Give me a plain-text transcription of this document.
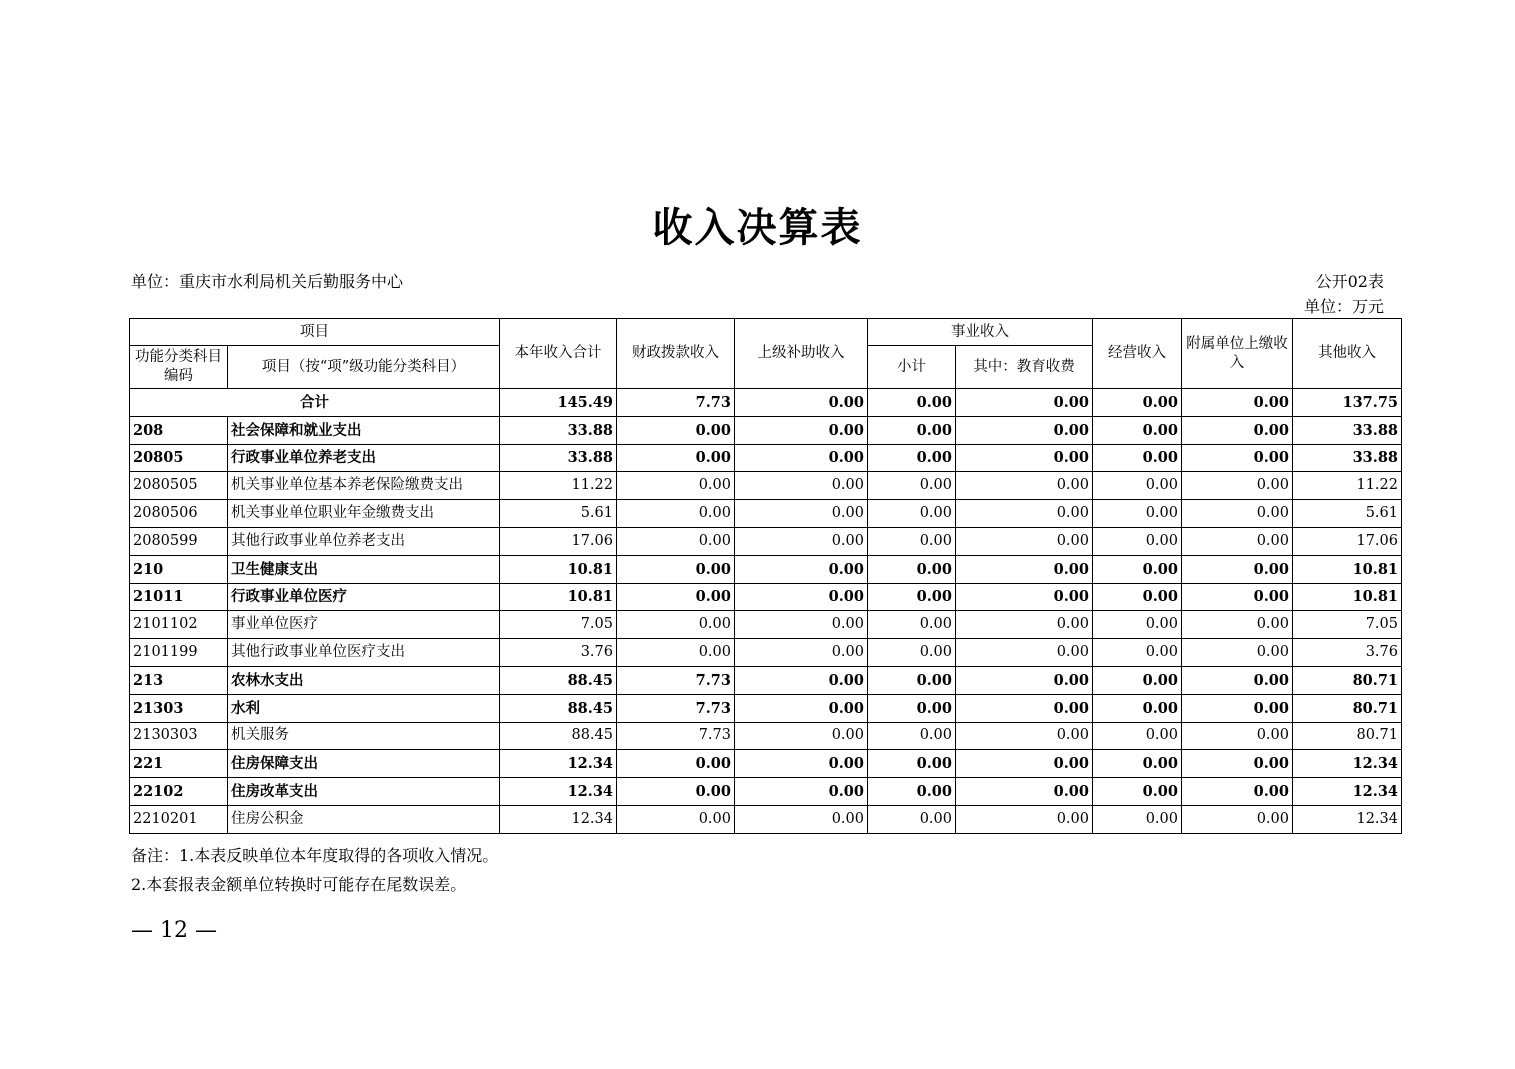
收入决算表
单位：重庆市水利局机关后勤服务中心	公开02表
单位：万元
项目		本年收入合计	财政拨款收入	上级补助收入	事业收入		经营收入	附属单位上缴收入	其他收入
功能分类科目编码	项目（按“项”级功能分类科目）				小计	其中：教育收费			
合计		145.49	7.73	0.00	0.00	0.00	0.00	0.00	137.75
208	社会保障和就业支出	33.88	0.00	0.00	0.00	0.00	0.00	0.00	33.88
20805	行政事业单位养老支出	33.88	0.00	0.00	0.00	0.00	0.00	0.00	33.88
2080505	机关事业单位基本养老保险缴费支出	11.22	0.00	0.00	0.00	0.00	0.00	0.00	11.22
2080506	机关事业单位职业年金缴费支出	5.61	0.00	0.00	0.00	0.00	0.00	0.00	5.61
2080599	其他行政事业单位养老支出	17.06	0.00	0.00	0.00	0.00	0.00	0.00	17.06
210	卫生健康支出	10.81	0.00	0.00	0.00	0.00	0.00	0.00	10.81
21011	行政事业单位医疗	10.81	0.00	0.00	0.00	0.00	0.00	0.00	10.81
2101102	事业单位医疗	7.05	0.00	0.00	0.00	0.00	0.00	0.00	7.05
2101199	其他行政事业单位医疗支出	3.76	0.00	0.00	0.00	0.00	0.00	0.00	3.76
213	农林水支出	88.45	7.73	0.00	0.00	0.00	0.00	0.00	80.71
21303	水利	88.45	7.73	0.00	0.00	0.00	0.00	0.00	80.71
2130303	机关服务	88.45	7.73	0.00	0.00	0.00	0.00	0.00	80.71
221	住房保障支出	12.34	0.00	0.00	0.00	0.00	0.00	0.00	12.34
22102	住房改革支出	12.34	0.00	0.00	0.00	0.00	0.00	0.00	12.34
2210201	住房公积金	12.34	0.00	0.00	0.00	0.00	0.00	0.00	12.34
备注：1.本表反映单位本年度取得的各项收入情况。
2.本套报表金额单位转换时可能存在尾数误差。
— 12 —
